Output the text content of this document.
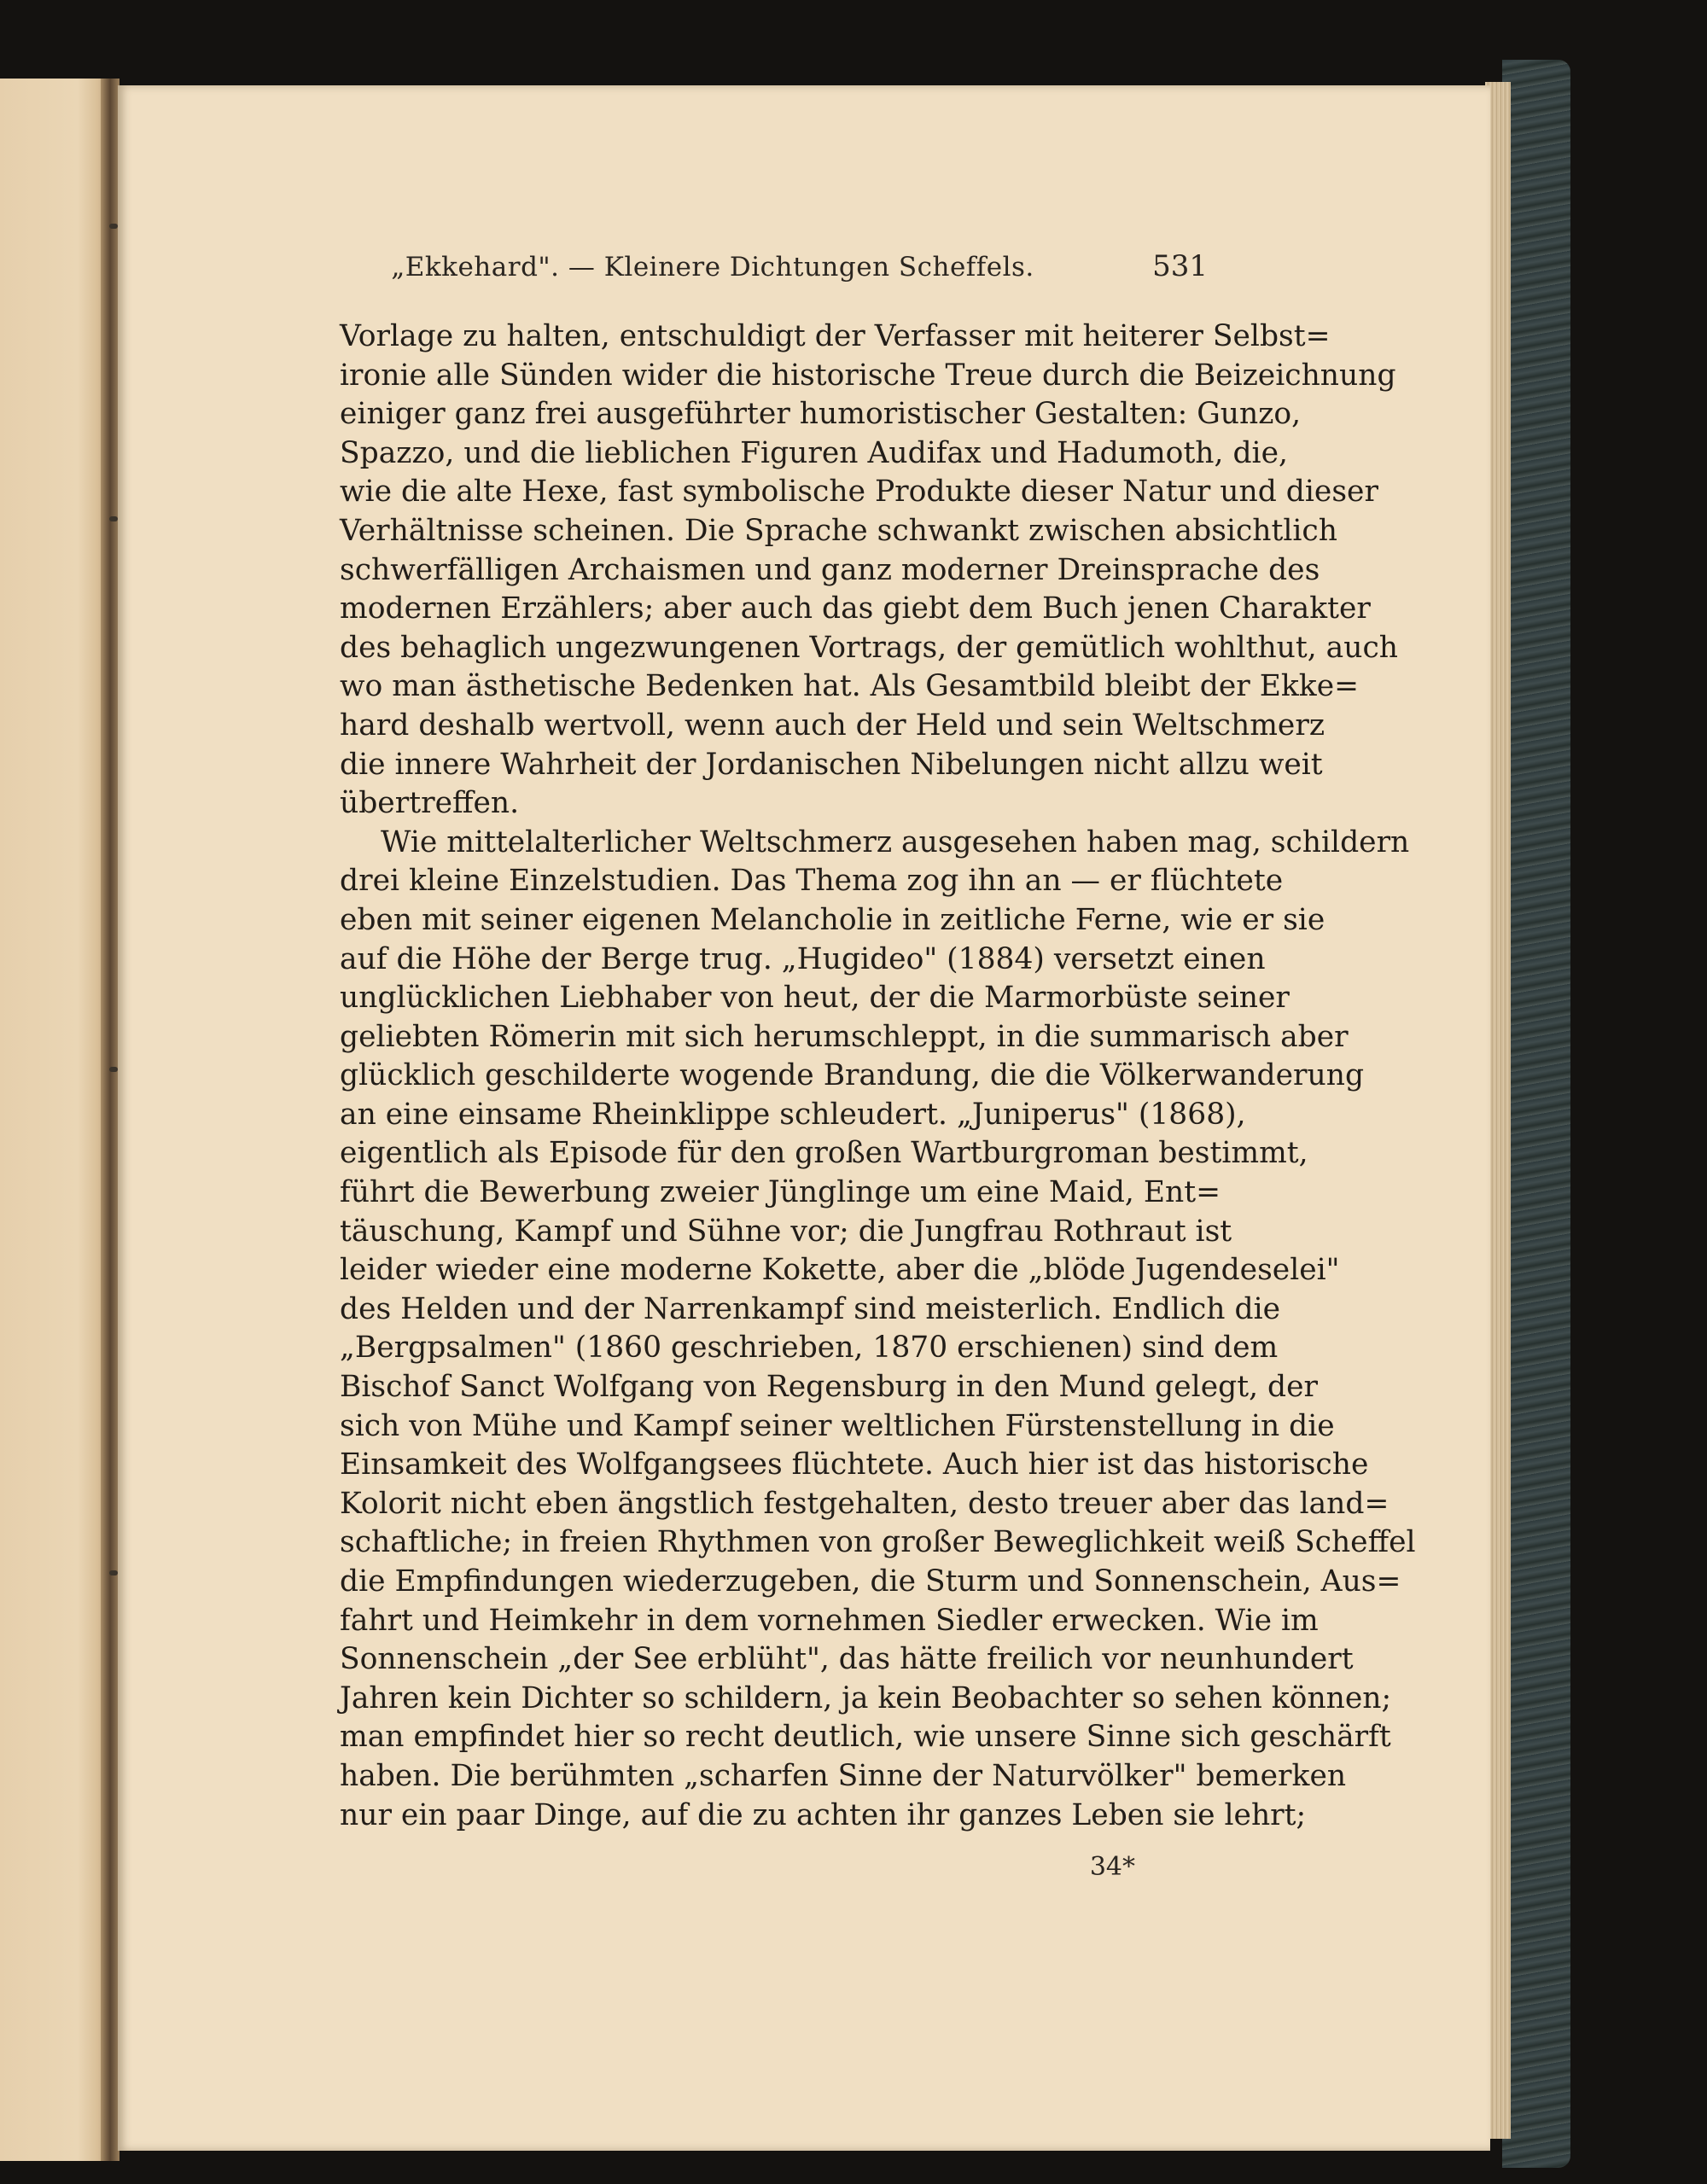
„Ekkehard". — Kleinere Dichtungen Scheffels.	531

Vorlage zu halten, entschuldigt der Verfasser mit heiterer Selbst=
ironie alle Sünden wider die historische Treue durch die Beizeichnung
einiger ganz frei ausgeführter humoristischer Gestalten: Gunzo,
Spazzo, und die lieblichen Figuren Audifax und Hadumoth, die,
wie die alte Hexe, fast symbolische Produkte dieser Natur und dieser
Verhältnisse scheinen. Die Sprache schwankt zwischen absichtlich
schwerfälligen Archaismen und ganz moderner Dreinsprache des
modernen Erzählers; aber auch das giebt dem Buch jenen Charakter
des behaglich ungezwungenen Vortrags, der gemütlich wohlthut, auch
wo man ästhetische Bedenken hat. Als Gesamtbild bleibt der Ekke=
hard deshalb wertvoll, wenn auch der Held und sein Weltschmerz
die innere Wahrheit der Jordanischen Nibelungen nicht allzu weit
übertreffen.

Wie mittelalterlicher Weltschmerz ausgesehen haben mag, schildern
drei kleine Einzelstudien. Das Thema zog ihn an — er flüchtete
eben mit seiner eigenen Melancholie in zeitliche Ferne, wie er sie
auf die Höhe der Berge trug. „Hugideo" (1884) versetzt einen
unglücklichen Liebhaber von heut, der die Marmorbüste seiner
geliebten Römerin mit sich herumschleppt, in die summarisch aber
glücklich geschilderte wogende Brandung, die die Völkerwanderung
an eine einsame Rheinklippe schleudert. „Juniperus" (1868),
eigentlich als Episode für den großen Wartburgroman bestimmt,
führt die Bewerbung zweier Jünglinge um eine Maid, Ent=
täuschung, Kampf und Sühne vor; die Jungfrau Rothraut ist
leider wieder eine moderne Kokette, aber die „blöde Jugendeselei"
des Helden und der Narrenkampf sind meisterlich. Endlich die
„Bergpsalmen" (1860 geschrieben, 1870 erschienen) sind dem
Bischof Sanct Wolfgang von Regensburg in den Mund gelegt, der
sich von Mühe und Kampf seiner weltlichen Fürstenstellung in die
Einsamkeit des Wolfgangsees flüchtete. Auch hier ist das historische
Kolorit nicht eben ängstlich festgehalten, desto treuer aber das land=
schaftliche; in freien Rhythmen von großer Beweglichkeit weiß Scheffel
die Empfindungen wiederzugeben, die Sturm und Sonnenschein, Aus=
fahrt und Heimkehr in dem vornehmen Siedler erwecken. Wie im
Sonnenschein „der See erblüht", das hätte freilich vor neunhundert
Jahren kein Dichter so schildern, ja kein Beobachter so sehen können;
man empfindet hier so recht deutlich, wie unsere Sinne sich geschärft
haben. Die berühmten „scharfen Sinne der Naturvölker" bemerken
nur ein paar Dinge, auf die zu achten ihr ganzes Leben sie lehrt;

34*
